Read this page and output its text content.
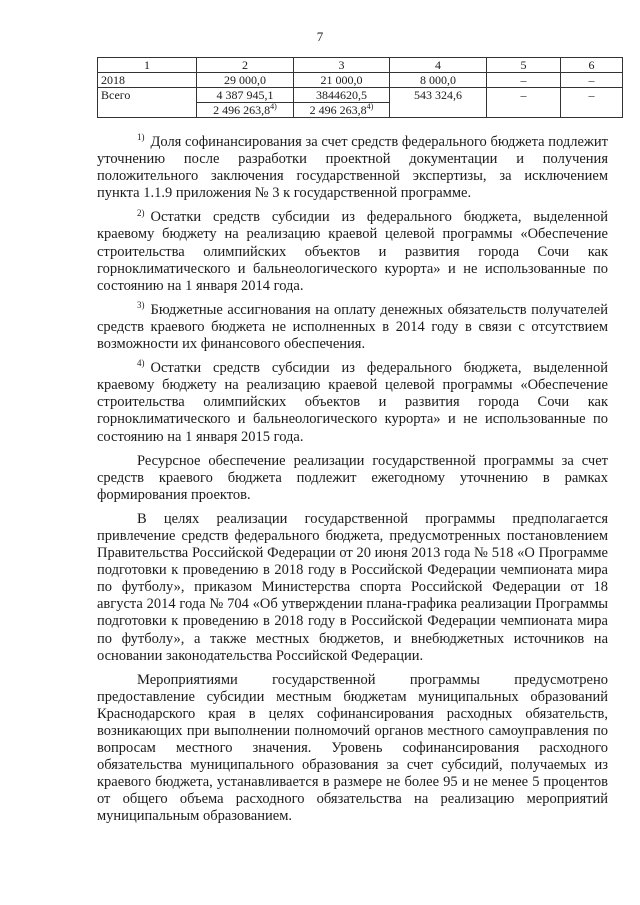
7
1	2	3	4	5	6
2018	29 000,0	21 000,0	8 000,0	–	–
Всего	4 387 945,1	3844620,5	543 324,6	–	–
	2 496 263,8$^{4)}$	2 496 263,8$^{4)}$

$^{1)}$ Доля софинансирования за счет средств федерального бюджета подлежит уточнению после разработки проектной документации и получения положительного заключения государственной экспертизы, за исключением пункта 1.1.9 приложения № 3 к государственной программе.

$^{2)}$ Остатки средств субсидии из федерального бюджета, выделенной краевому бюджету на реализацию краевой целевой программы «Обеспечение строительства олимпийских объектов и развития города Сочи как горноклиматического и бальнеологического курорта» и не использованные по состоянию на 1 января 2014 года.

$^{3)}$ Бюджетные ассигнования на оплату денежных обязательств получателей средств краевого бюджета не исполненных в 2014 году в связи с отсутствием возможности их финансового обеспечения.

$^{4)}$ Остатки средств субсидии из федерального бюджета, выделенной краевому бюджету на реализацию краевой целевой программы «Обеспечение строительства олимпийских объектов и развития города Сочи как горноклиматического и бальнеологического курорта» и не использованные по состоянию на 1 января 2015 года.

Ресурсное обеспечение реализации государственной программы за счет средств краевого бюджета подлежит ежегодному уточнению в рамках формирования проектов.

В целях реализации государственной программы предполагается привлечение средств федерального бюджета, предусмотренных постановлением Правительства Российской Федерации от 20 июня 2013 года № 518 «О Программе подготовки к проведению в 2018 году в Российской Федерации чемпионата мира по футболу», приказом Министерства спорта Российской Федерации от 18 августа 2014 года № 704 «Об утверждении плана-графика реализации Программы подготовки к проведению в 2018 году в Российской Федерации чемпионата мира по футболу», а также местных бюджетов, и внебюджетных источников на основании законодательства Российской Федерации.

Мероприятиями государственной программы предусмотрено предоставление субсидии местным бюджетам муниципальных образований Краснодарского края в целях софинансирования расходных обязательств, возникающих при выполнении полномочий органов местного самоуправления по вопросам местного значения. Уровень софинансирования расходного обязательства муниципального образования за счет субсидий, получаемых из краевого бюджета, устанавливается в размере не более 95 и не менее 5 процентов от общего объема расходного обязательства на реализацию мероприятий муниципальным образованием.
